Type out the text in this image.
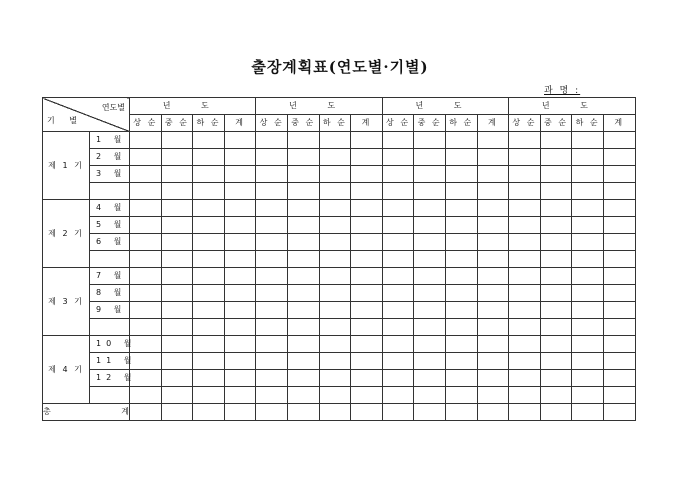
출장계획표(연도별·기별)
과 명 :
연도별
기 별		년 도				년 도				년 도				년 도			
		상 순	중 순	하 순	계	상 순	중 순	하 순	계	상 순	중 순	하 순	계	상 순	중 순	하 순	계
제 1 기	1 월																
	2 월																
	3 월																

제 2 기	4 월																
	5 월																
	6 월																

제 3 기	7 월																
	8 월																
	9 월																

제 4 기	10 월																
	11 월																
	12 월																

총 계																	
